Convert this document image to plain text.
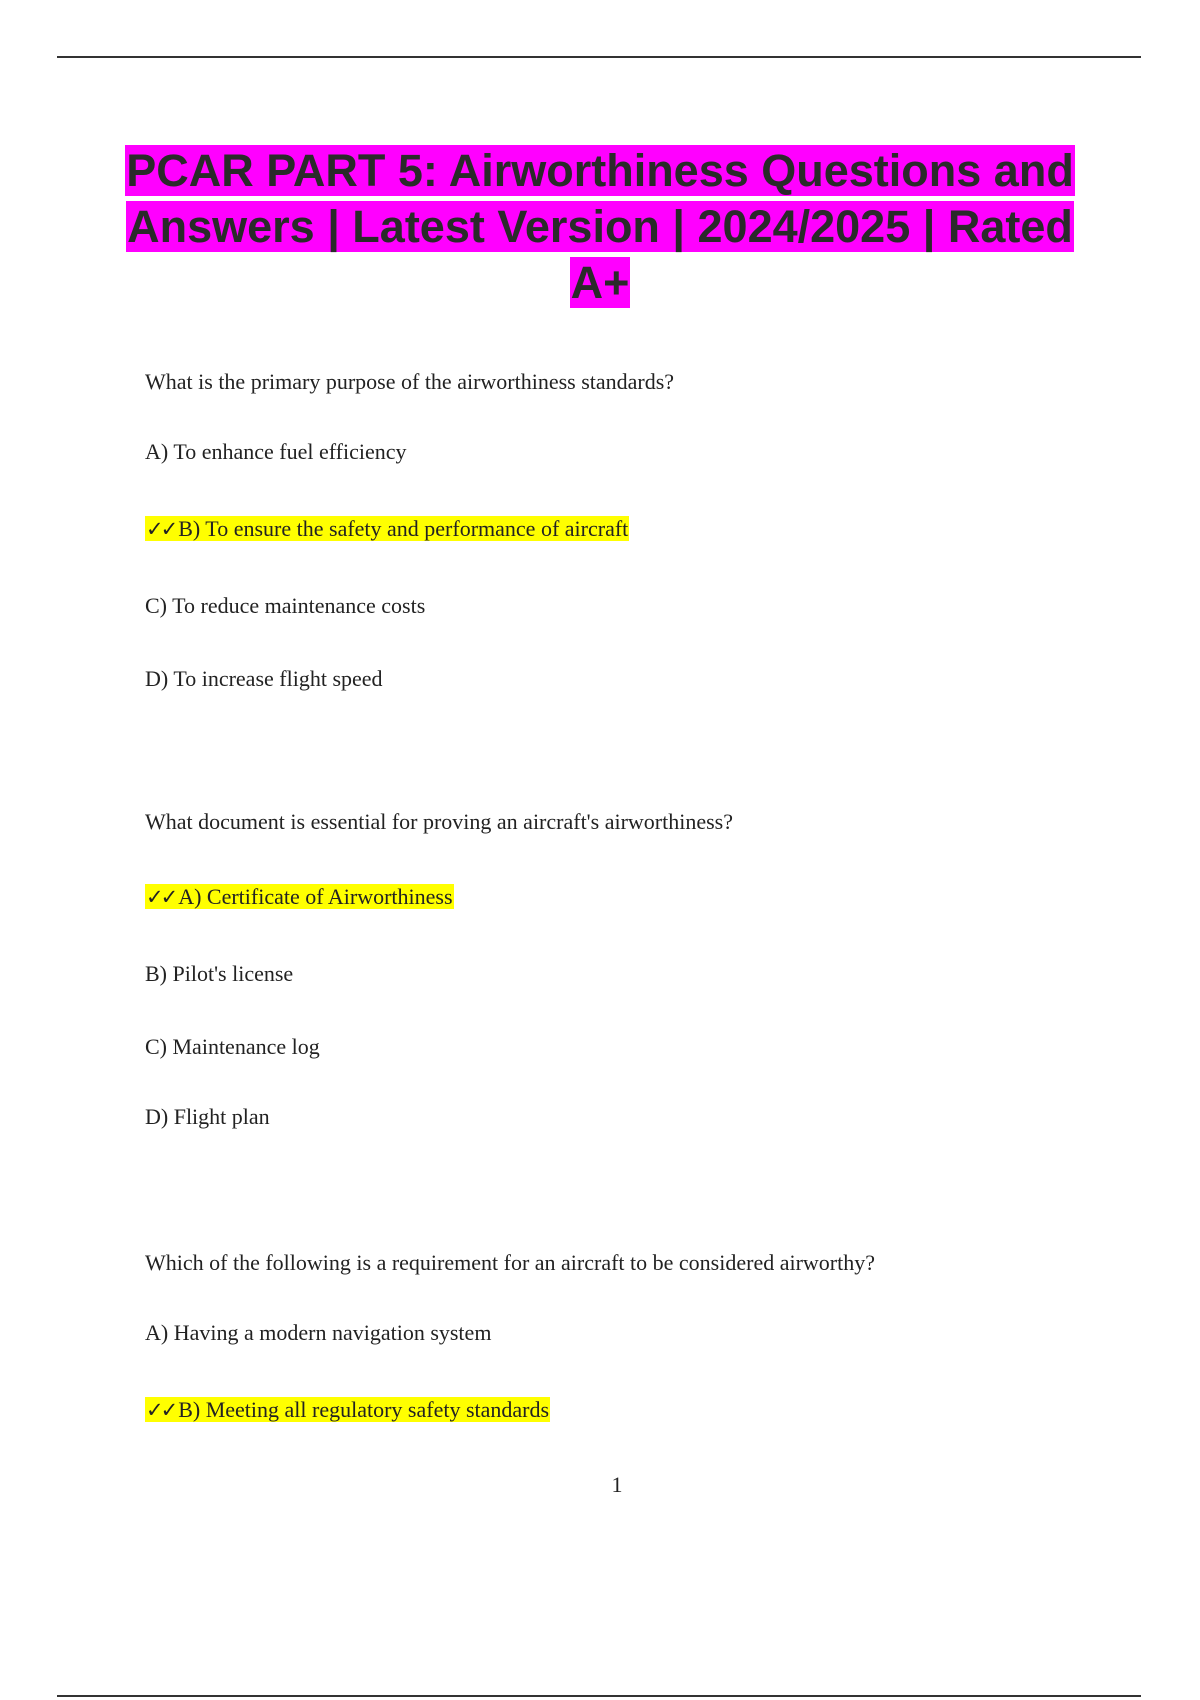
PCAR PART 5: Airworthiness Questions and Answers | Latest Version | 2024/2025 | Rated A+
What is the primary purpose of the airworthiness standards?
A) To enhance fuel efficiency
✓✓ B) To ensure the safety and performance of aircraft
C) To reduce maintenance costs
D) To increase flight speed
What document is essential for proving an aircraft's airworthiness?
✓✓ A) Certificate of Airworthiness
B) Pilot's license
C) Maintenance log
D) Flight plan
Which of the following is a requirement for an aircraft to be considered airworthy?
A) Having a modern navigation system
✓✓ B) Meeting all regulatory safety standards
1
